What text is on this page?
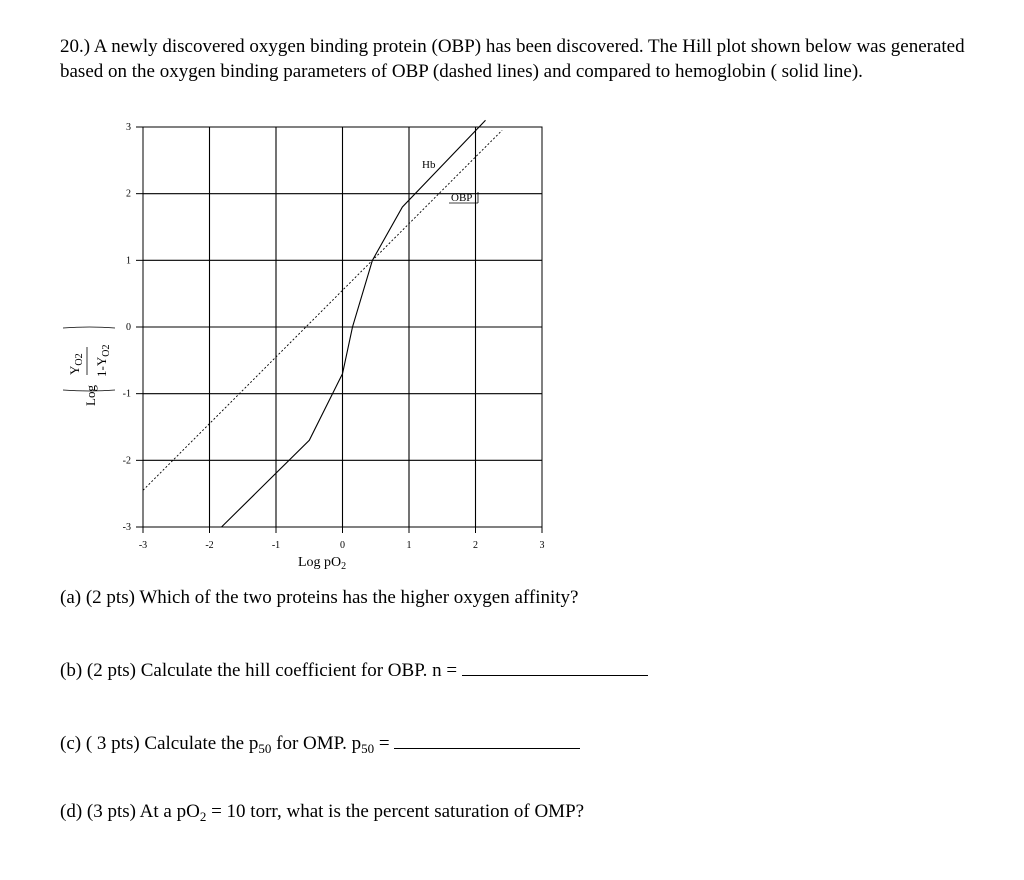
20.) A newly discovered oxygen binding protein (OBP) has been discovered. The Hill plot shown below was generated based on the oxygen binding parameters of OBP (dashed lines) and compared to hemoglobin ( solid line).
-3	-2	-1	0	1	2	3
3
2
1
0
-1
-2
-3
Hb
OBP
Log $pO_2$
Log
$Y_{O2}$ $1-Y_{O2}$
(a) (2 pts) Which of the two proteins has the higher oxygen affinity?
(b) (2 pts) Calculate the hill coefficient for OBP. n =
(c) ( 3 pts) Calculate the $p_{50}$ for OMP. $p_{50}$ =
(d) (3 pts) At a $pO_2 = 10$ torr, what is the percent saturation of OMP?
